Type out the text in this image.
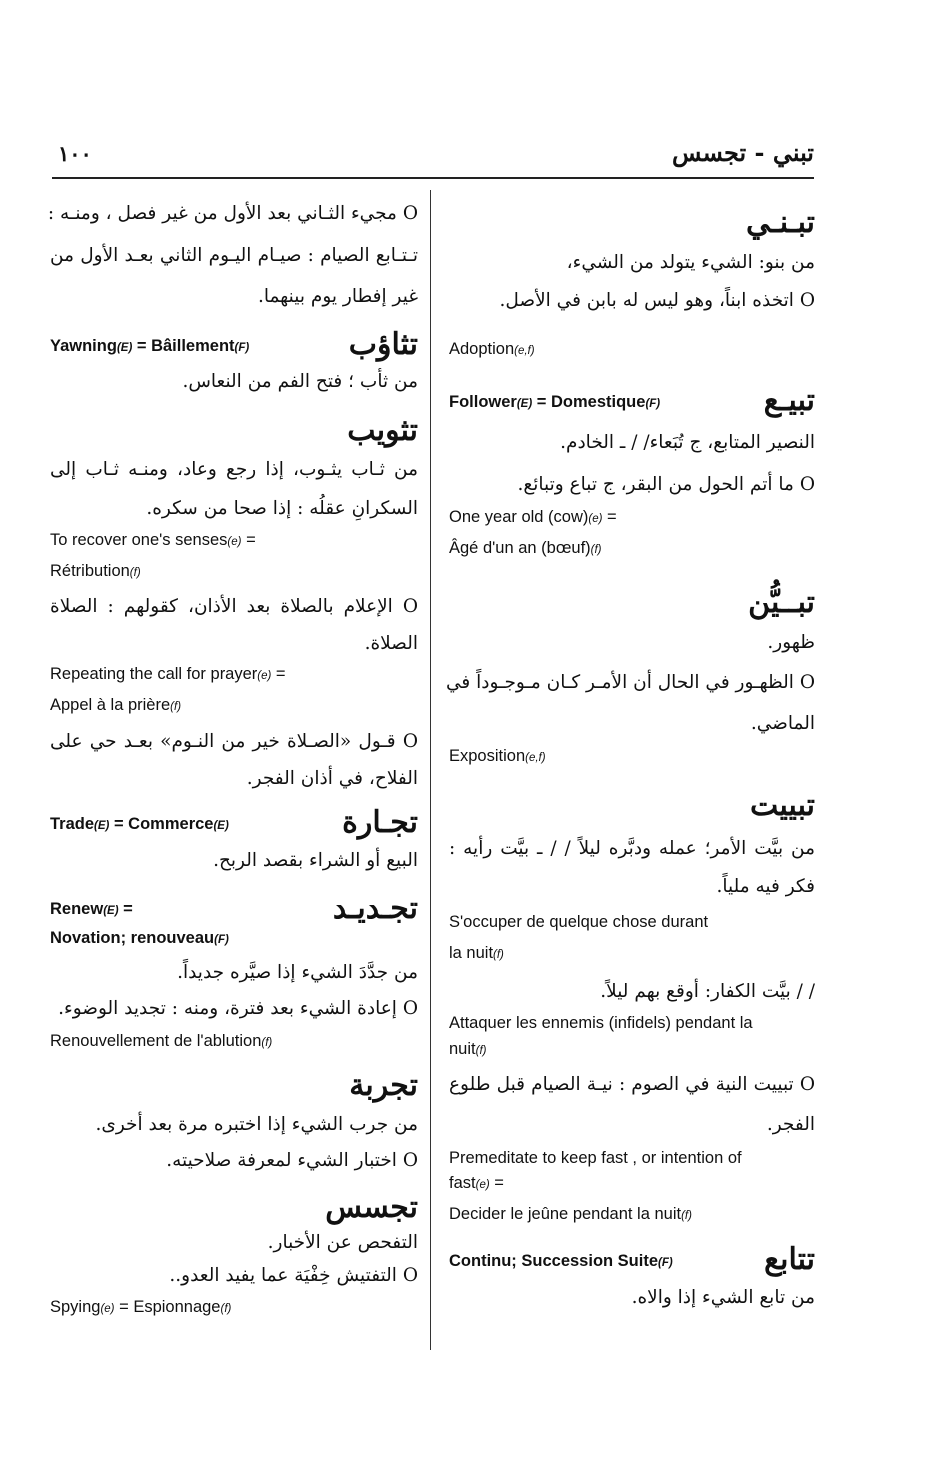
تبني - تجسس
١٠٠
تبـنـي
من بنو: الشيء يتولد من الشيء،
O اتخذه ابناً، وهو ليس له بابن في الأصل.
Adoption(e,f)
تبيـع
Follower(E) = Domestique(F)
النصير المتابع، ج تُبَعاء/ / ـ الخادم.
O ما أتم الحول من البقر، ج تباع وتبائع.
One year old (cow)(e) =
Âgé d'un an (bœuf)(f)
تبــيُّن
ظهور.
O الظهـور في الحال أن الأمـر كـان مـوجـوداً في
الماضي.
Exposition(e,f)
تبييت
من بيَّت الأمر؛ عمله ودبَّره ليلاً / / ـ بيَّت رأيه :
فكر فيه ملياً.
S'occuper de quelque chose durant
la nuit(f)
/ / بيَّت الكفار: أوقع بهم ليلاً.
Attaquer les ennemis (infidels) pendant la
nuit(f)
O تبييت النية في الصوم : نيـة الصيام قبل طلوع
الفجر.
Premeditate to keep fast , or intention of
fast(e) =
Decider le jeûne pendant la nuit(f)
تتابع
Continu; Succession Suite(F)
من تابع الشيء إذا والاه.
O مجيء الثـاني بعد الأول من غير فصل ، ومنـه :
تـتـابع الصيام : صيـام اليـوم الثاني بعـد الأول من
غير إفطار يوم بينهما.
تثاؤب
Yawning(E) = Bâillement(F)
من ثأب ؛ فتح الفم من النعاس.
تثويب
من ثـاب يثـوب، إذا رجع وعاد، ومنـه ثـاب إلى
السكرانِ عقلُه : إذا صحا من سكره.
To recover one's senses(e) =
Rétribution(f)
O الإعلام بالصلاة بعد الأذان، كقولهم : الصلاة
الصلاة.
Repeating the call for prayer(e) =
Appel à la prière(f)
O قـول «الصـلاة خير من النـوم» بعـد حي على
الفلاح، في أذان الفجر.
تجـارة
Trade(E) = Commerce(E)
البيع أو الشراء بقصد الربح.
تجـديـد
Renew(E) =
Novation; renouveau(F)
من جدَّدَ الشيء إذا صيَّره جديداً.
O إعادة الشيء بعد فترة، ومنه : تجديد الوضوء.
Renouvellement de l'ablution(f)
تجربة
من جرب الشيء إذا اختبره مرة بعد أخرى.
O اختبار الشيء لمعرفة صلاحيته.
تجسس
التفحص عن الأخبار.
O التفتيش خِفْيَة عما يفيد العدو..
Spying(e) = Espionnage(f)
